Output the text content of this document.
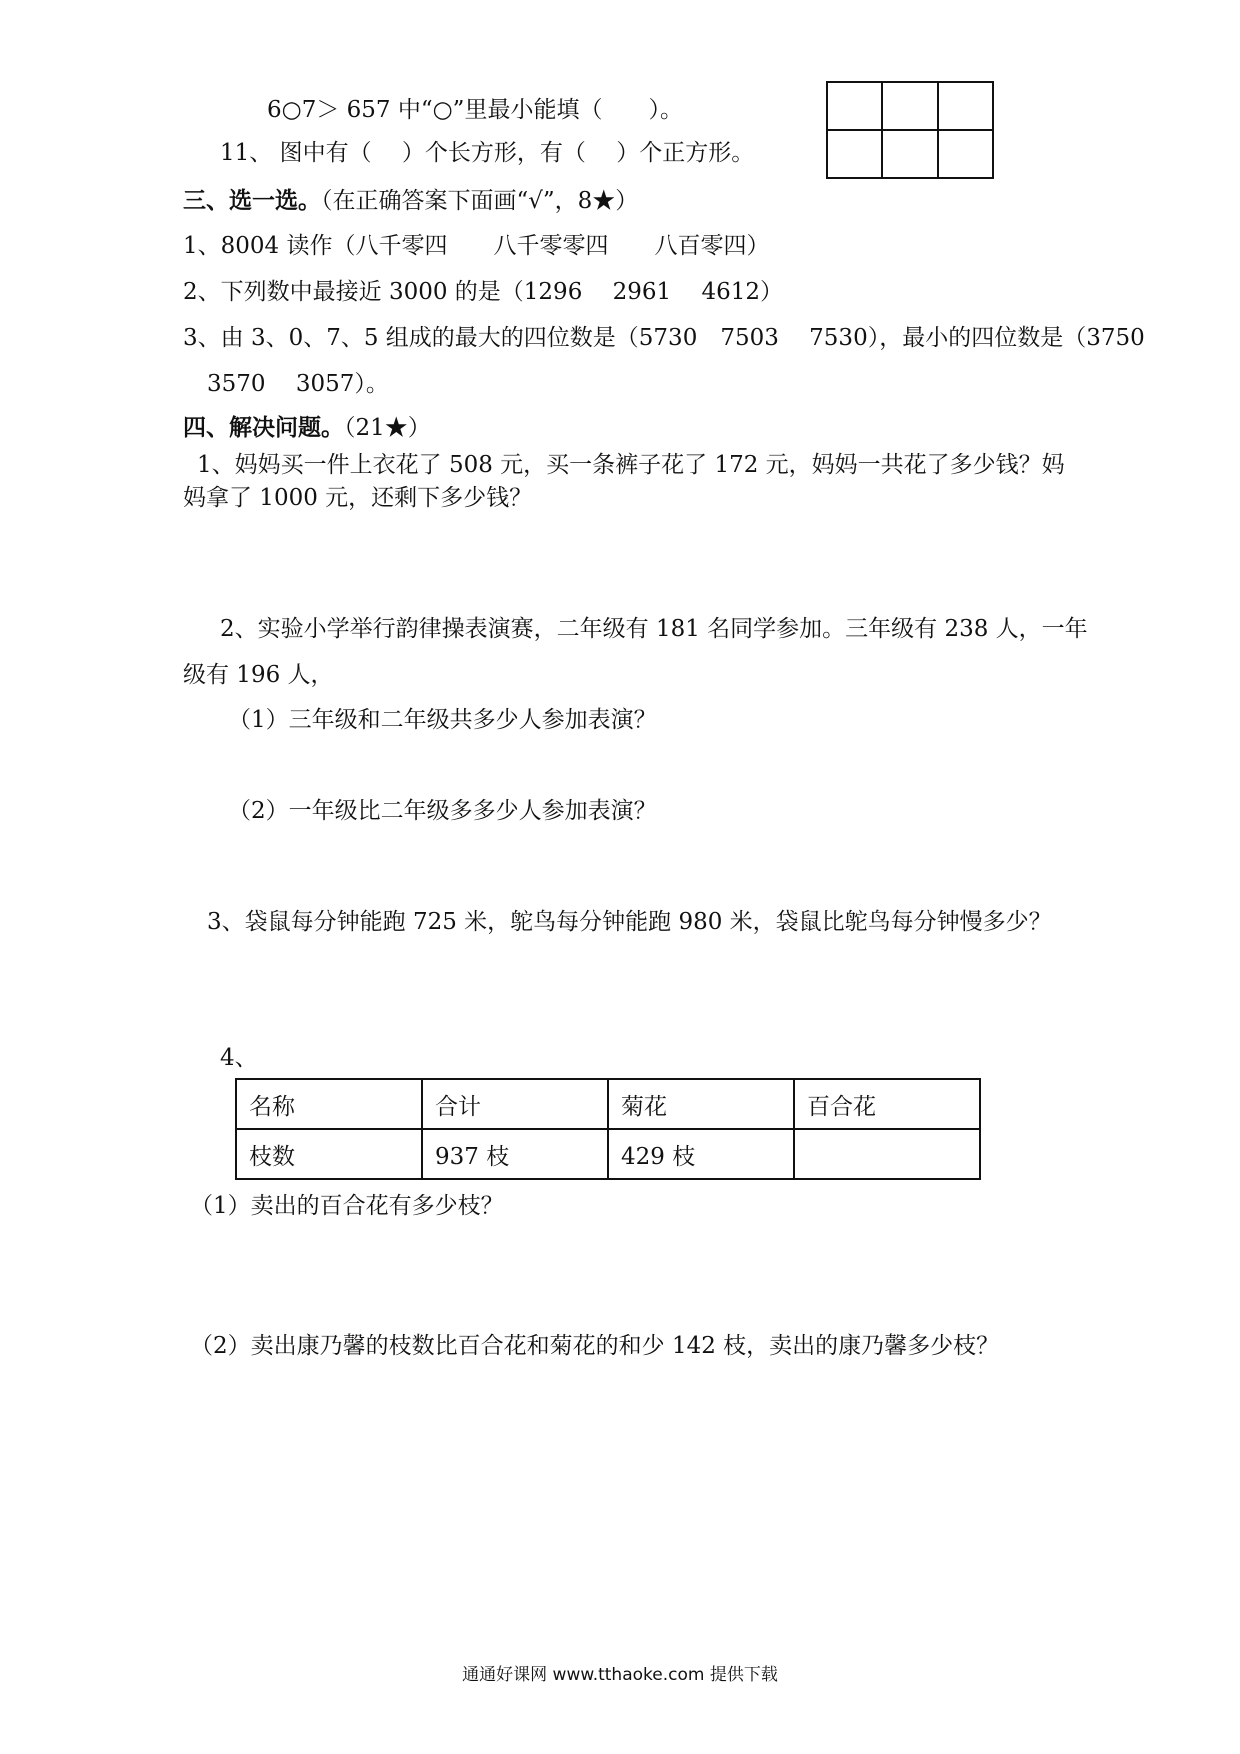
6○7＞ 657 中“○”里最小能填（　　）。
11、 图中有（　 ）个长方形，有（　 ）个正方形。

三、选一选。（在正确答案下面画“√”，8★）
1、8004 读作（八千零四　　八千零零四　　八百零四）
2、下列数中最接近 3000 的是（1296　 2961　 4612）
3、由 3、0、7、5 组成的最大的四位数是（5730　7503　 7530），最小的四位数是（3750
3570　 3057）。
四、解决问题。（21★）
1、妈妈买一件上衣花了 508 元，买一条裤子花了 172 元，妈妈一共花了多少钱？妈
妈拿了 1000 元，还剩下多少钱？
2、实验小学举行韵律操表演赛，二年级有 181 名同学参加。三年级有 238 人，一年
级有 196 人，
（1）三年级和二年级共多少人参加表演？
（2）一年级比二年级多多少人参加表演？
3、袋鼠每分钟能跑 725 米，鸵鸟每分钟能跑 980 米，袋鼠比鸵鸟每分钟慢多少？
4、
名称	合计	菊花	百合花
枝数	937 枝	429 枝	
（1）卖出的百合花有多少枝？
（2）卖出康乃馨的枝数比百合花和菊花的和少 142 枝，卖出的康乃馨多少枝？
通通好课网 www.tthaoke.com 提供下载
